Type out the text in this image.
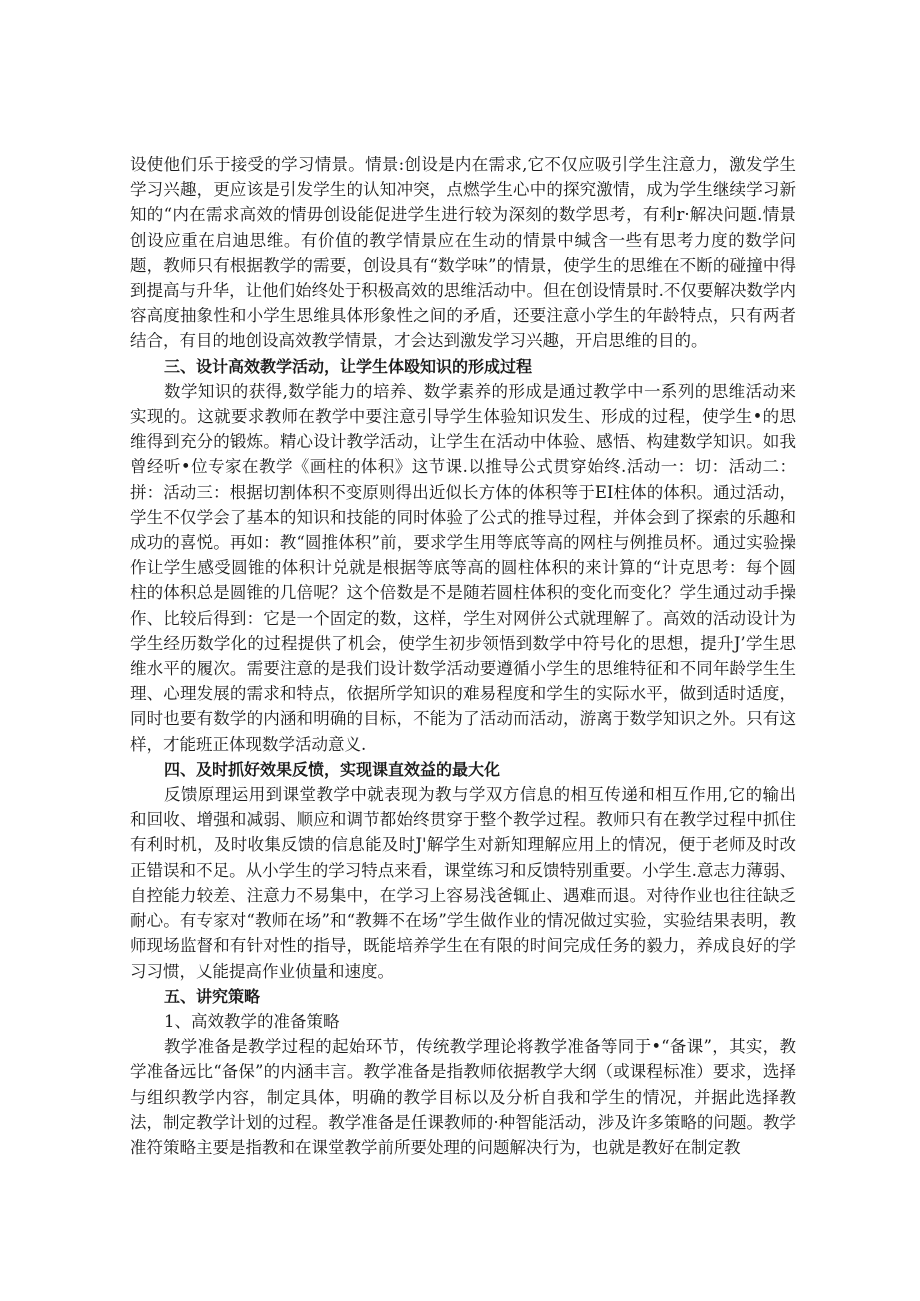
设使他们乐于接受的学习情景。情景:创设是内在需求,它不仅应吸引学生注意力，激发学生学习兴趣，更应该是引发学生的认知冲突，点燃学生心中的探究激情，成为学生继续学习新知的“内在需求高效的情毋创设能促进学生进行较为深刻的数学思考，有利r·解决问题.情景创设应重在启迪思维。有价值的教学情景应在生动的情景中缄含一些有思考力度的数学问题，教师只有根据教学的需要，创设具有“数学味”的情景，使学生的思维在不断的碰撞中得到提高与升华，让他们始终处于积极高效的思维活动中。但在创设情景时.不仅要解决数学内容高度抽象性和小学生思维具体形象性之间的矛盾，还要注意小学生的年龄特点，只有两者结合，有目的地创设高效教学情景，才会达到激发学习兴趣，开启思维的目的。

三、设计高效教学活动，让学生体殴知识的形成过程

数学知识的获得,数学能力的培养、数学素养的形成是通过教学中一系列的思维活动来实现的。这就要求教师在教学中要注意引导学生体验知识发生、形成的过程，使学生•的思维得到充分的锻炼。精心设计教学活动，让学生在活动中体验、感悟、构建数学知识。如我曾经听•位专家在教学《画柱的体积》这节课.以推导公式贯穿始终.活动一：切：活动二：拼：活动三：根据切割体积不变原则得出近似长方体的体积等于EI柱体的体积。通过活动，学生不仅学会了基本的知识和技能的同时体验了公式的推导过程，并体会到了探索的乐趣和成功的喜悦。再如：教“圆推体积”前，要求学生用等底等高的网柱与例推员杯。通过实验操作让学生感受圆锥的体积计兑就是根据等底等高的圆柱体积的来计算的“计克思考：每个圆柱的体积总是圆锥的几倍呢？这个倍数是不是随若圆柱体积的变化而变化？学生通过动手操作、比较后得到：它是一个固定的数，这样，学生对网併公式就理解了。高效的活动设计为学生经历数学化的过程提供了机会，使学生初步领悟到数学中符号化的思想，提升J’学生思维水平的履次。需要注意的是我们设计数学活动要遵循小学生的思维特征和不同年龄学生生理、心理发展的需求和特点，依据所学知识的难易程度和学生的实际水平，做到适时适度，同时也要有数学的内涵和明确的目标，不能为了活动而活动，游离于数学知识之外。只有这样，才能班正体现数学活动意义.

四、及时抓好效果反愤，实现课直效益的最大化

反馈原理运用到课堂教学中就表现为教与学双方信息的相互传递和相互作用,它的输出和回收、增强和减弱、顺应和调节都始终贯穿于整个教学过程。教师只有在教学过程中抓住有利时机，及时收集反馈的信息能及时J'解学生对新知理解应用上的情况，便于老师及时改正错误和不足。从小学生的学习特点来看，课堂练习和反馈特别重要。小学生.意志力薄弱、自控能力较差、注意力不易集中，在学习上容易浅爸辄止、遇难而退。对待作业也往往缺乏耐心。有专家对“教师在场”和“教舞不在场”学生做作业的情况做过实验，实验结果表明，教师现场监督和有针对性的指导，既能培养学生在有限的时间完成任务的毅力，养成良好的学习习惯，乂能提高作业侦量和速度。

五、讲究策略

1、高效教学的准备策略

教学准备是教学过程的起始环节，传统教学理论将教学准备等同于•“备课”，其实，教学准备远比“备保”的内涵丰言。教学准备是指教师依据教学大纲（或课程标准）要求，选择与组织教学内容，制定具体，明确的教学目标以及分析自我和学生的情况，并据此选择教法，制定教学计划的过程。教学准备是任课教师的·种智能活动，涉及许多策略的问题。教学准符策略主要是指教和在课堂教学前所要处理的问题解决行为，也就是教好在制定教
